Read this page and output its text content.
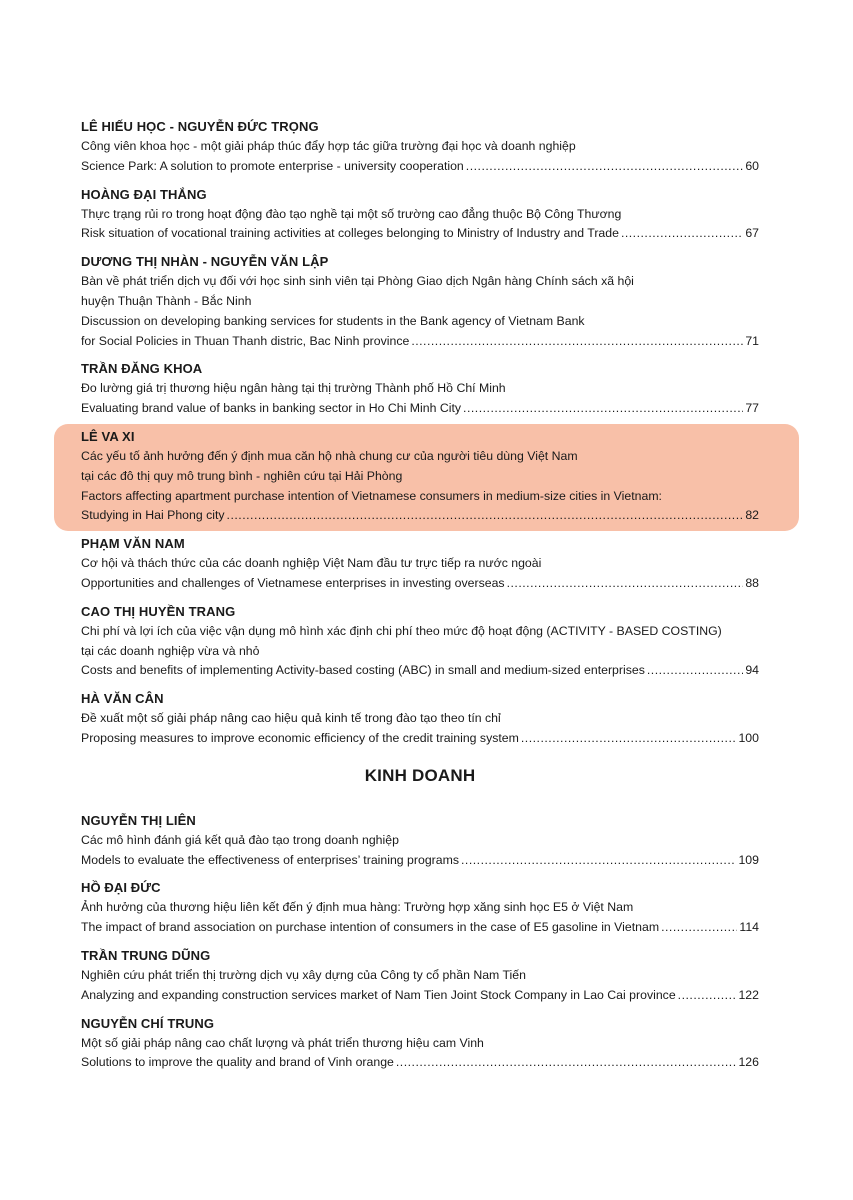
LÊ HIẾU HỌC - NGUYỄN ĐỨC TRỌNG
Công viên khoa học - một giải pháp thúc đẩy hợp tác giữa trường đại học và doanh nghiệp
Science Park: A solution to promote enterprise - university cooperation .....	60
HOÀNG ĐẠI THẮNG
Thực trạng rủi ro trong hoạt động đào tạo nghề tại một số trường cao đẳng thuộc Bộ Công Thương
Risk situation of vocational training activities at colleges belonging to Ministry of Industry and Trade .....	67
DƯƠNG THỊ NHÀN - NGUYỄN VĂN LẬP
Bàn về phát triển dịch vụ đối với học sinh sinh viên tại Phòng Giao dịch Ngân hàng Chính sách xã hội
huyện Thuận Thành - Bắc Ninh
Discussion on developing banking services for students in the Bank agency of Vietnam Bank
for Social Policies in Thuan Thanh distric, Bac Ninh province .....	71
TRẦN ĐĂNG KHOA
Đo lường giá trị thương hiệu ngân hàng tại thị trường Thành phố Hồ Chí Minh
Evaluating brand value of banks in banking sector in Ho Chi Minh City .....	77
LÊ VA XI
Các yếu tố ảnh hưởng đến ý định mua căn hộ nhà chung cư của người tiêu dùng Việt Nam
tại các đô thị quy mô trung bình - nghiên cứu tại Hải Phòng
Factors affecting apartment purchase intention of Vietnamese consumers in medium-size cities in Vietnam:
Studying in Hai Phong city .....	82
PHẠM VĂN NAM
Cơ hội và thách thức của các doanh nghiệp Việt Nam đầu tư trực tiếp ra nước ngoài
Opportunities and challenges of Vietnamese enterprises in investing overseas .....	88
CAO THỊ HUYỀN TRANG
Chi phí và lợi ích của việc vận dụng mô hình xác định chi phí theo mức độ hoạt động (ACTIVITY - BASED COSTING)
tại các doanh nghiệp vừa và nhỏ
Costs and benefits of implementing Activity-based costing (ABC) in small and medium-sized enterprises .....	94
HÀ VĂN CÂN
Đề xuất một số giải pháp nâng cao hiệu quả kinh tế trong đào tạo theo tín chỉ
Proposing measures to improve economic efficiency of the credit training system .....	100
KINH DOANH
NGUYỄN THỊ LIÊN
Các mô hình đánh giá kết quả đào tạo trong doanh nghiệp
Models to evaluate the effectiveness of enterprises’ training programs .....	109
HỒ ĐẠI ĐỨC
Ảnh hưởng của thương hiệu liên kết đến ý định mua hàng: Trường hợp xăng sinh học E5 ở Việt Nam
The impact of brand association on purchase intention of consumers in the case of E5 gasoline in Vietnam .....	114
TRẦN TRUNG DŨNG
Nghiên cứu phát triển thị trường dịch vụ xây dựng của Công ty cổ phần Nam Tiến
Analyzing and expanding construction services market of Nam Tien Joint Stock Company in Lao Cai province .....	122
NGUYỄN CHÍ TRUNG
Một số giải pháp nâng cao chất lượng và phát triển thương hiệu cam Vinh
Solutions to improve the quality and brand of Vinh orange .....	126
